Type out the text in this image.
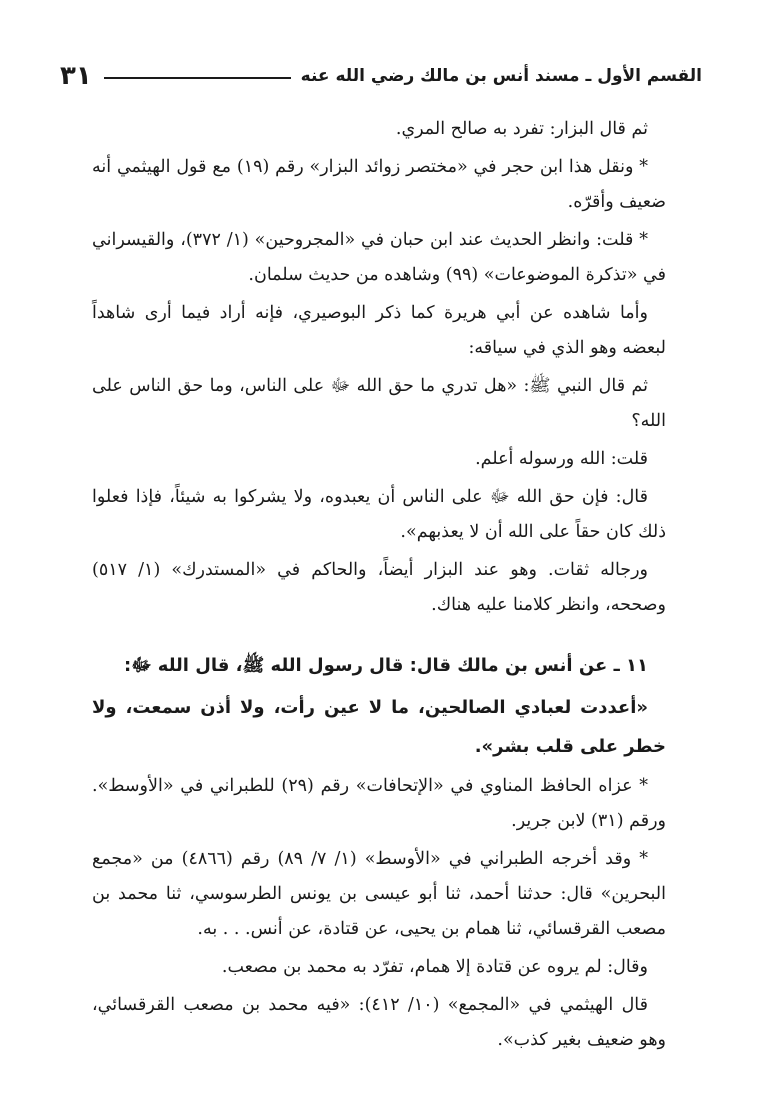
القسم الأول ـ مسند أنس بن مالك رضي الله عنه
٣١

ثم قال البزار: تفرد به صالح المري.

* ونقل هذا ابن حجر في «مختصر زوائد البزار» رقم (١٩) مع قول الهيثمي أنه ضعيف وأقرّه.

* قلت: وانظر الحديث عند ابن حبان في «المجروحين» (١/ ٣٧٢)، والقيسراني في «تذكرة الموضوعات» (٩٩) وشاهده من حديث سلمان.

وأما شاهده عن أبي هريرة كما ذكر البوصيري، فإنه أراد فيما أرى شاهداً لبعضه وهو الذي في سياقه:

ثم قال النبي ﷺ: «هل تدري ما حق الله ﷻ على الناس، وما حق الناس على الله؟

قلت: الله ورسوله أعلم.

قال: فإن حق الله ﷻ على الناس أن يعبدوه، ولا يشركوا به شيئاً، فإذا فعلوا ذلك كان حقاً على الله أن لا يعذبهم».

ورجاله ثقات. وهو عند البزار أيضاً، والحاكم في «المستدرك» (١/ ٥١٧) وصححه، وانظر كلامنا عليه هناك.

١١ ـ عن أنس بن مالك قال: قال رسول الله ﷺ، قال الله ﷻ:

«أعددت لعبادي الصالحين، ما لا عين رأت، ولا أذن سمعت، ولا خطر على قلب بشر».

* عزاه الحافظ المناوي في «الإتحافات» رقم (٢٩) للطبراني في «الأوسط». ورقم (٣١) لابن جرير.

* وقد أخرجه الطبراني في «الأوسط» (١/ ٧/ ٨٩) رقم (٤٨٦٦) من «مجمع البحرين» قال: حدثنا أحمد، ثنا أبو عيسى بن يونس الطرسوسي، ثنا محمد بن مصعب القرقسائي، ثنا همام بن يحيى، عن قتادة، عن أنس. . . به.

وقال: لم يروه عن قتادة إلا همام، تفرّد به محمد بن مصعب.

قال الهيثمي في «المجمع» (١٠/ ٤١٢): «فيه محمد بن مصعب القرقسائي، وهو ضعيف بغير كذب».
